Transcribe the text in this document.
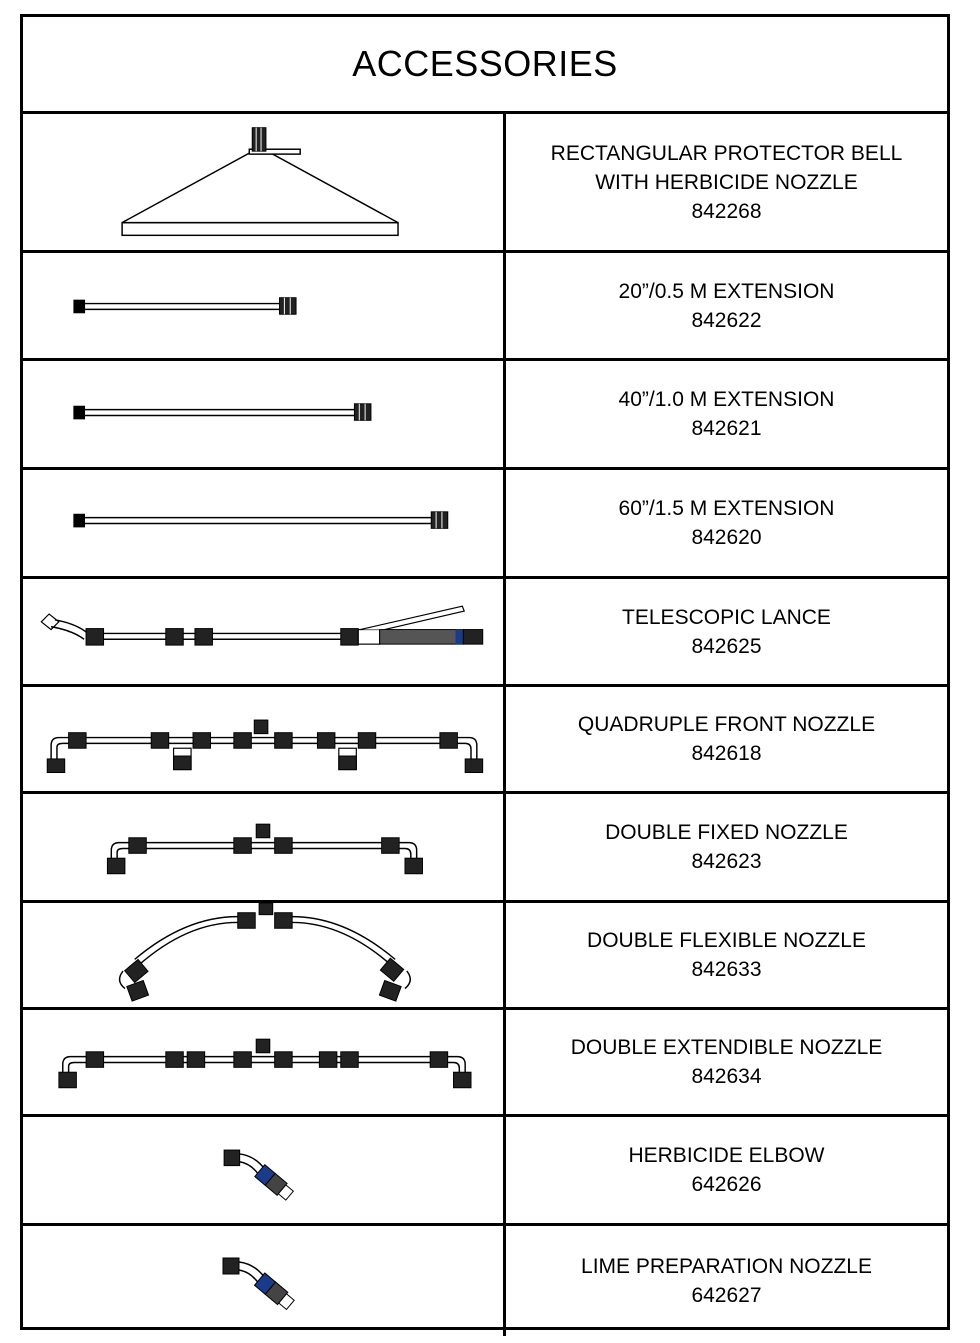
ACCESSORIES
RECTANGULAR PROTECTOR BELL
WITH HERBICIDE NOZZLE
842268
20”/0.5 M EXTENSION
842622
40”/1.0 M EXTENSION
842621
60”/1.5 M EXTENSION
842620
TELESCOPIC LANCE
842625
QUADRUPLE FRONT NOZZLE
842618
DOUBLE FIXED NOZZLE
842623
DOUBLE FLEXIBLE NOZZLE
842633
DOUBLE EXTENDIBLE NOZZLE
842634
HERBICIDE ELBOW
642626
LIME PREPARATION NOZZLE
642627
